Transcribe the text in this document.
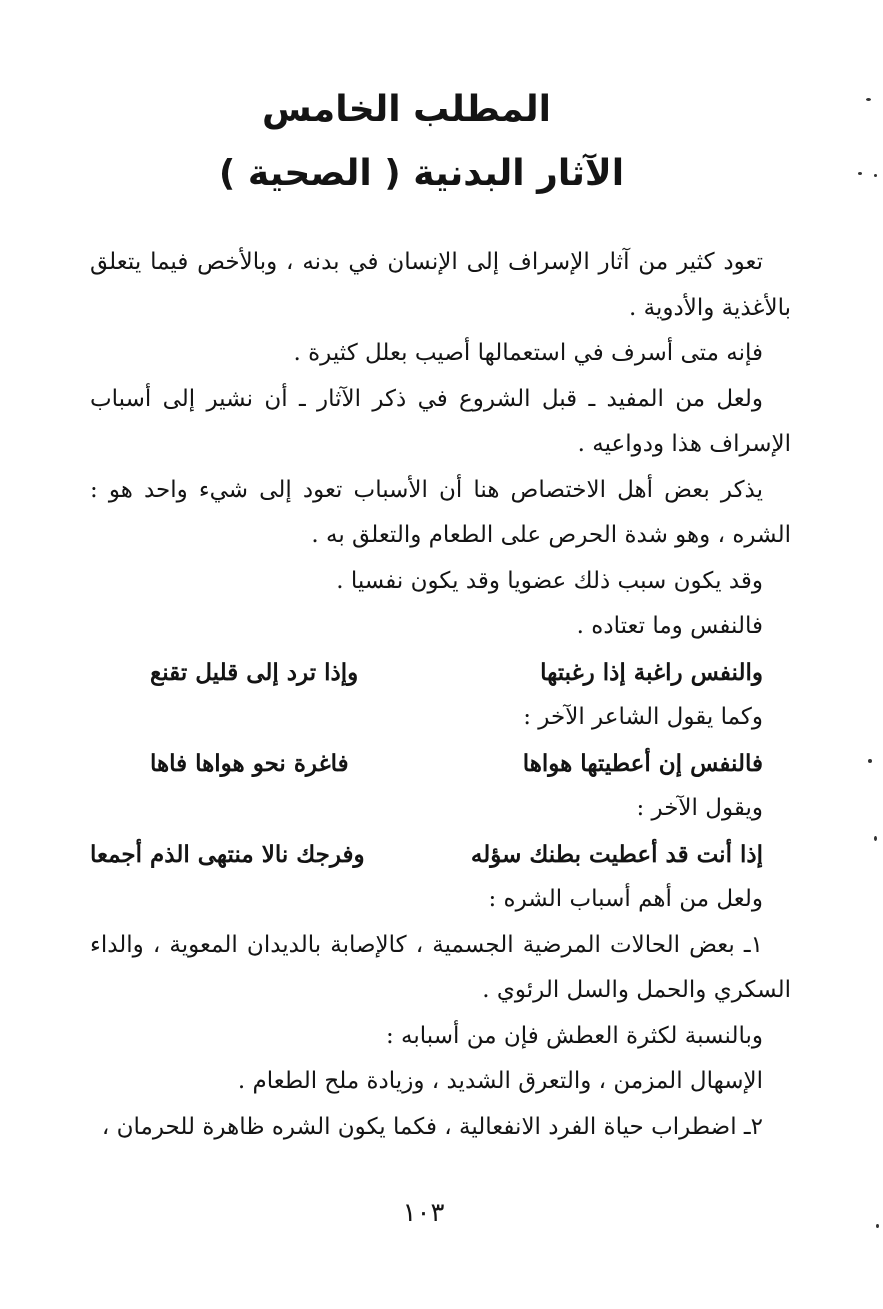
المطلب الخامس
الآثار البدنية ( الصحية )

تعود كثير من آثار الإسراف إلى الإنسان في بدنه ، وبالأخص فيما يتعلق بالأغذية والأدوية .

فإنه متى أسرف في استعمالها أصيب بعلل كثيرة .

ولعل من المفيد ـ قبل الشروع في ذكر الآثار ـ أن نشير إلى أسباب الإسراف هذا ودواعيه .

يذكر بعض أهل الاختصاص هنا أن الأسباب تعود إلى شيء واحد هو : الشره ، وهو شدة الحرص على الطعام والتعلق به .

وقد يكون سبب ذلك عضويا وقد يكون نفسيا .

فالنفس وما تعتاده .

والنفس راغبة إذا رغبتها
وإذا ترد إلى قليل تقنع

وكما يقول الشاعر الآخر :

فالنفس إن أعطيتها هواها
فاغرة نحو هواها فاها

ويقول الآخر :

إذا أنت قد أعطيت بطنك سؤله
وفرجك نالا منتهى الذم أجمعا

ولعل من أهم أسباب الشره :

١ـ بعض الحالات المرضية الجسمية ، كالإصابة بالديدان المعوية ، والداء السكري والحمل والسل الرئوي .

وبالنسبة لكثرة العطش فإن من أسبابه :

الإسهال المزمن ، والتعرق الشديد ، وزيادة ملح الطعام .

٢ـ اضطراب حياة الفرد الانفعالية ، فكما يكون الشره ظاهرة للحرمان ،

١٠٣
